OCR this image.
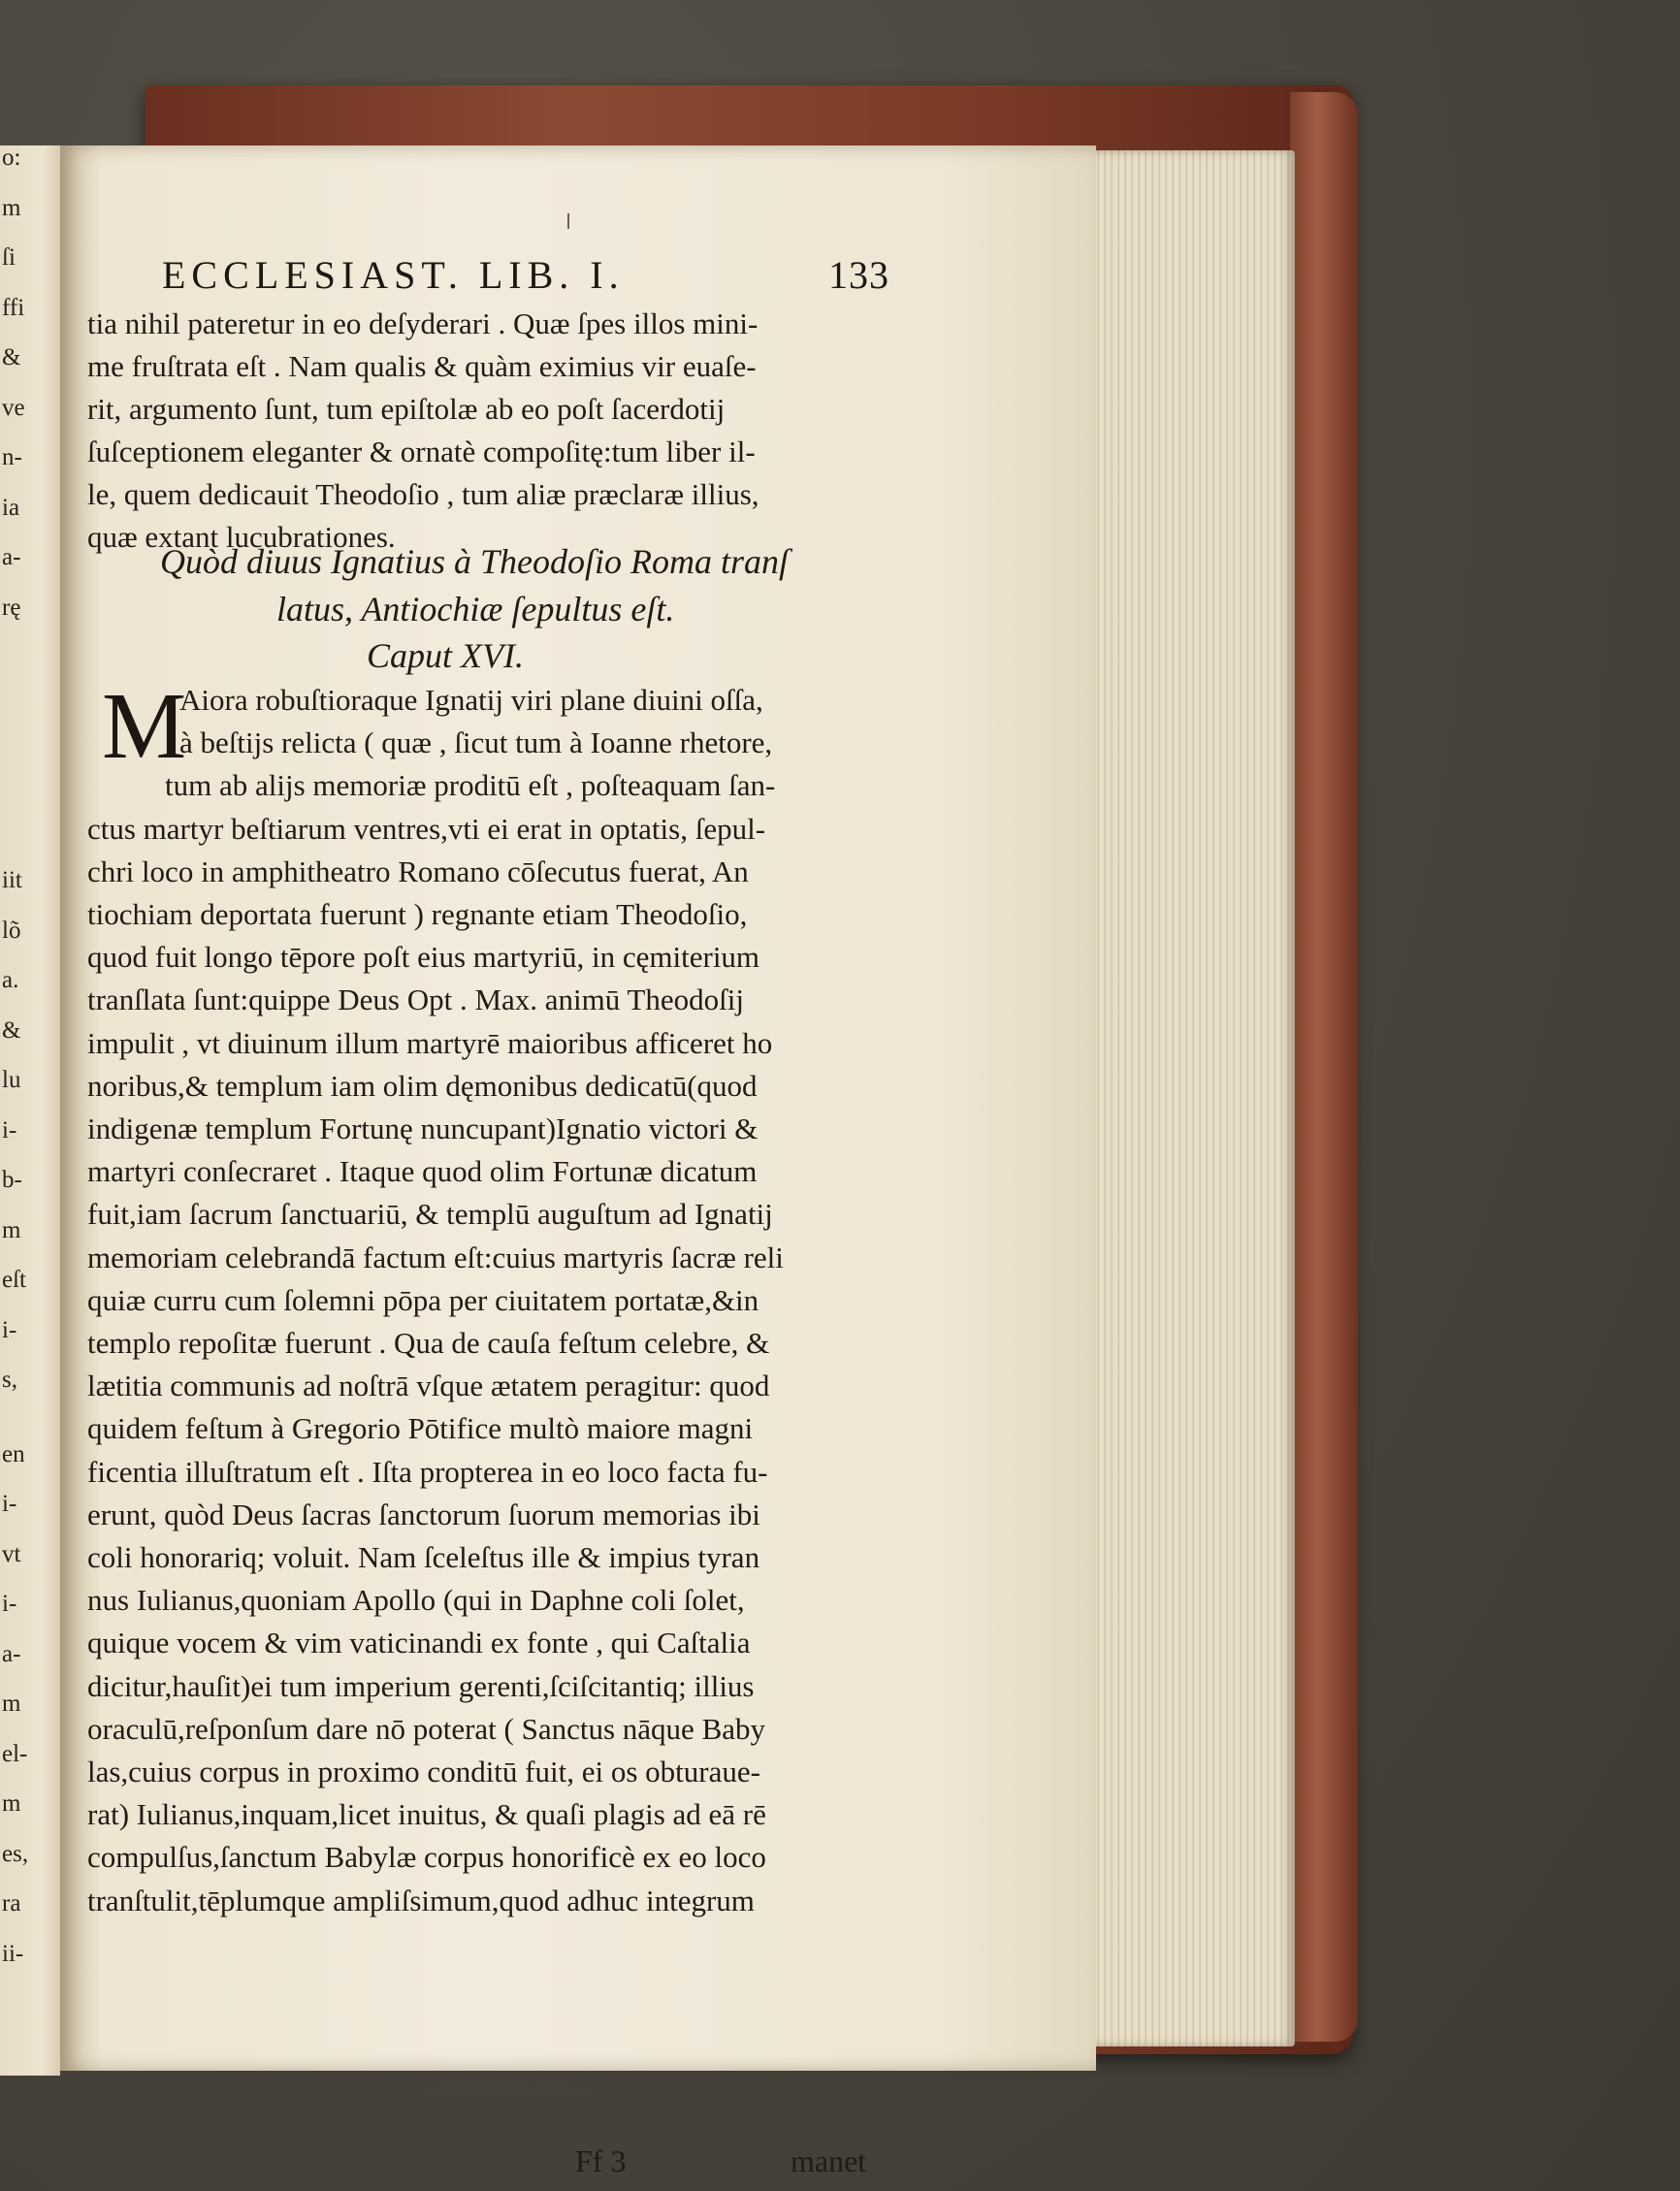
o:
m
ſi
ffi
&
ve
n-
ia
a-
rę
iit
lõ
a.
&
lu
i-
b-
m
eſt
i-
s,
en
i-
vt
i-
a-
m
el-
m
es,
ra
ii-
ECCLESIAST. LIB. I.	133
tia nihil pateretur in eo deſyderari . Quæ ſpes illos mini-
me fruſtrata eſt . Nam qualis & quàm eximius vir euaſe-
rit, argumento ſunt, tum epiſtolæ ab eo poſt ſacerdotij
ſuſceptionem eleganter & ornatè compoſitę:tum liber il-
le, quem dedicauit Theodoſio , tum aliæ præclaræ illius,
quæ extant lucubrationes.
Quòd diuus Ignatius à Theodoſio Roma tranſ
latus, Antiochiæ ſepultus eſt.
Caput XVI.
M
Aiora robuſtioraque Ignatij viri plane diuini oſſa,
à beſtijs relicta ( quæ , ſicut tum à Ioanne rhetore,
tum ab alijs memoriæ proditū eſt , poſteaquam ſan-
ctus martyr beſtiarum ventres,vti ei erat in optatis, ſepul-
chri loco in amphitheatro Romano cōſecutus fuerat, An
tiochiam deportata fuerunt ) regnante etiam Theodoſio,
quod fuit longo tēpore poſt eius martyriū, in cęmiterium
tranſlata ſunt:quippe Deus Opt . Max. animū Theodoſij
impulit , vt diuinum illum martyrē maioribus afficeret ho
noribus,& templum iam olim dęmonibus dedicatū(quod
indigenæ templum Fortunę nuncupant)Ignatio victori &
martyri conſecraret . Itaque quod olim Fortunæ dicatum
fuit,iam ſacrum ſanctuariū, & templū auguſtum ad Ignatij
memoriam celebrandā factum eſt:cuius martyris ſacræ reli
quiæ curru cum ſolemni pōpa per ciuitatem portatæ,&in
templo repoſitæ fuerunt . Qua de cauſa feſtum celebre, &
lætitia communis ad noſtrā vſque ætatem peragitur: quod
quidem feſtum à Gregorio Pōtifice multò maiore magni
ficentia illuſtratum eſt . Iſta propterea in eo loco facta fu-
erunt, quòd Deus ſacras ſanctorum ſuorum memorias ibi
coli honorariq; voluit. Nam ſceleſtus ille & impius tyran
nus Iulianus,quoniam Apollo (qui in Daphne coli ſolet,
quique vocem & vim vaticinandi ex fonte , qui Caſtalia
dicitur,hauſit)ei tum imperium gerenti,ſciſcitantiq; illius
oraculū,reſponſum dare nō poterat ( Sanctus nāque Baby
las,cuius corpus in proximo conditū fuit, ei os obturaue-
rat) Iulianus,inquam,licet inuitus, & quaſi plagis ad eā rē
compulſus,ſanctum Babylæ corpus honorificè ex eo loco
tranſtulit,tēplumque ampliſsimum,quod adhuc integrum
Ff 3	manet
